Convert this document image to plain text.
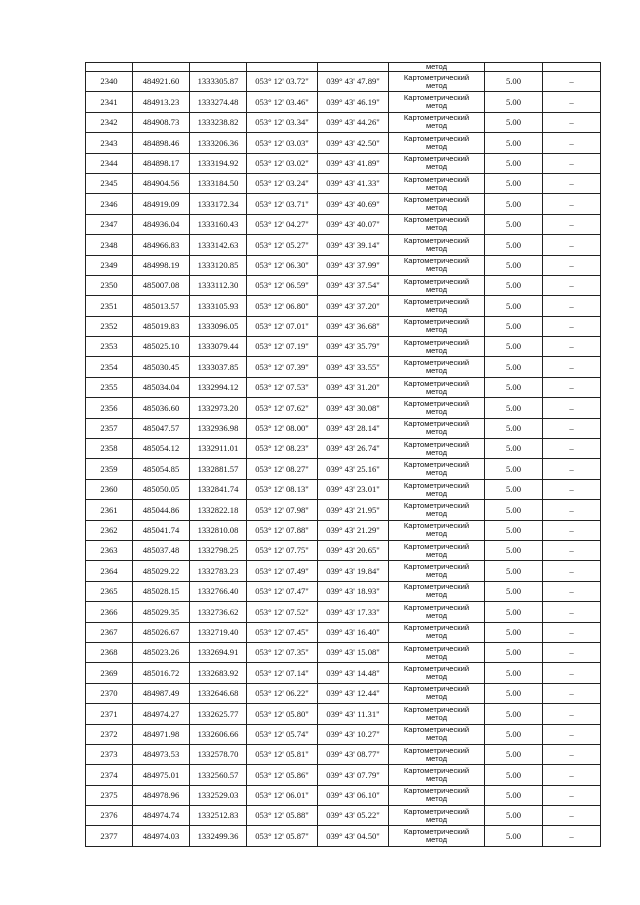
					метод		
2340	484921.60	1333305.87	053° 12' 03.72"	039° 43' 47.89"	Картометрический
метод	5.00	–
2341	484913.23	1333274.48	053° 12' 03.46"	039° 43' 46.19"	Картометрический
метод	5.00	–
2342	484908.73	1333238.82	053° 12' 03.34"	039° 43' 44.26"	Картометрический
метод	5.00	–
2343	484898.46	1333206.36	053° 12' 03.03"	039° 43' 42.50"	Картометрический
метод	5.00	–
2344	484898.17	1333194.92	053° 12' 03.02"	039° 43' 41.89"	Картометрический
метод	5.00	–
2345	484904.56	1333184.50	053° 12' 03.24"	039° 43' 41.33"	Картометрический
метод	5.00	–
2346	484919.09	1333172.34	053° 12' 03.71"	039° 43' 40.69"	Картометрический
метод	5.00	–
2347	484936.04	1333160.43	053° 12' 04.27"	039° 43' 40.07"	Картометрический
метод	5.00	–
2348	484966.83	1333142.63	053° 12' 05.27"	039° 43' 39.14"	Картометрический
метод	5.00	–
2349	484998.19	1333120.85	053° 12' 06.30"	039° 43' 37.99"	Картометрический
метод	5.00	–
2350	485007.08	1333112.30	053° 12' 06.59"	039° 43' 37.54"	Картометрический
метод	5.00	–
2351	485013.57	1333105.93	053° 12' 06.80"	039° 43' 37.20"	Картометрический
метод	5.00	–
2352	485019.83	1333096.05	053° 12' 07.01"	039° 43' 36.68"	Картометрический
метод	5.00	–
2353	485025.10	1333079.44	053° 12' 07.19"	039° 43' 35.79"	Картометрический
метод	5.00	–
2354	485030.45	1333037.85	053° 12' 07.39"	039° 43' 33.55"	Картометрический
метод	5.00	–
2355	485034.04	1332994.12	053° 12' 07.53"	039° 43' 31.20"	Картометрический
метод	5.00	–
2356	485036.60	1332973.20	053° 12' 07.62"	039° 43' 30.08"	Картометрический
метод	5.00	–
2357	485047.57	1332936.98	053° 12' 08.00"	039° 43' 28.14"	Картометрический
метод	5.00	–
2358	485054.12	1332911.01	053° 12' 08.23"	039° 43' 26.74"	Картометрический
метод	5.00	–
2359	485054.85	1332881.57	053° 12' 08.27"	039° 43' 25.16"	Картометрический
метод	5.00	–
2360	485050.05	1332841.74	053° 12' 08.13"	039° 43' 23.01"	Картометрический
метод	5.00	–
2361	485044.86	1332822.18	053° 12' 07.98"	039° 43' 21.95"	Картометрический
метод	5.00	–
2362	485041.74	1332810.08	053° 12' 07.88"	039° 43' 21.29"	Картометрический
метод	5.00	–
2363	485037.48	1332798.25	053° 12' 07.75"	039° 43' 20.65"	Картометрический
метод	5.00	–
2364	485029.22	1332783.23	053° 12' 07.49"	039° 43' 19.84"	Картометрический
метод	5.00	–
2365	485028.15	1332766.40	053° 12' 07.47"	039° 43' 18.93"	Картометрический
метод	5.00	–
2366	485029.35	1332736.62	053° 12' 07.52"	039° 43' 17.33"	Картометрический
метод	5.00	–
2367	485026.67	1332719.40	053° 12' 07.45"	039° 43' 16.40"	Картометрический
метод	5.00	–
2368	485023.26	1332694.91	053° 12' 07.35"	039° 43' 15.08"	Картометрический
метод	5.00	–
2369	485016.72	1332683.92	053° 12' 07.14"	039° 43' 14.48"	Картометрический
метод	5.00	–
2370	484987.49	1332646.68	053° 12' 06.22"	039° 43' 12.44"	Картометрический
метод	5.00	–
2371	484974.27	1332625.77	053° 12' 05.80"	039° 43' 11.31"	Картометрический
метод	5.00	–
2372	484971.98	1332606.66	053° 12' 05.74"	039° 43' 10.27"	Картометрический
метод	5.00	–
2373	484973.53	1332578.70	053° 12' 05.81"	039° 43' 08.77"	Картометрический
метод	5.00	–
2374	484975.01	1332560.57	053° 12' 05.86"	039° 43' 07.79"	Картометрический
метод	5.00	–
2375	484978.96	1332529.03	053° 12' 06.01"	039° 43' 06.10"	Картометрический
метод	5.00	–
2376	484974.74	1332512.83	053° 12' 05.88"	039° 43' 05.22"	Картометрический
метод	5.00	–
2377	484974.03	1332499.36	053° 12' 05.87"	039° 43' 04.50"	Картометрический
метод	5.00	–
